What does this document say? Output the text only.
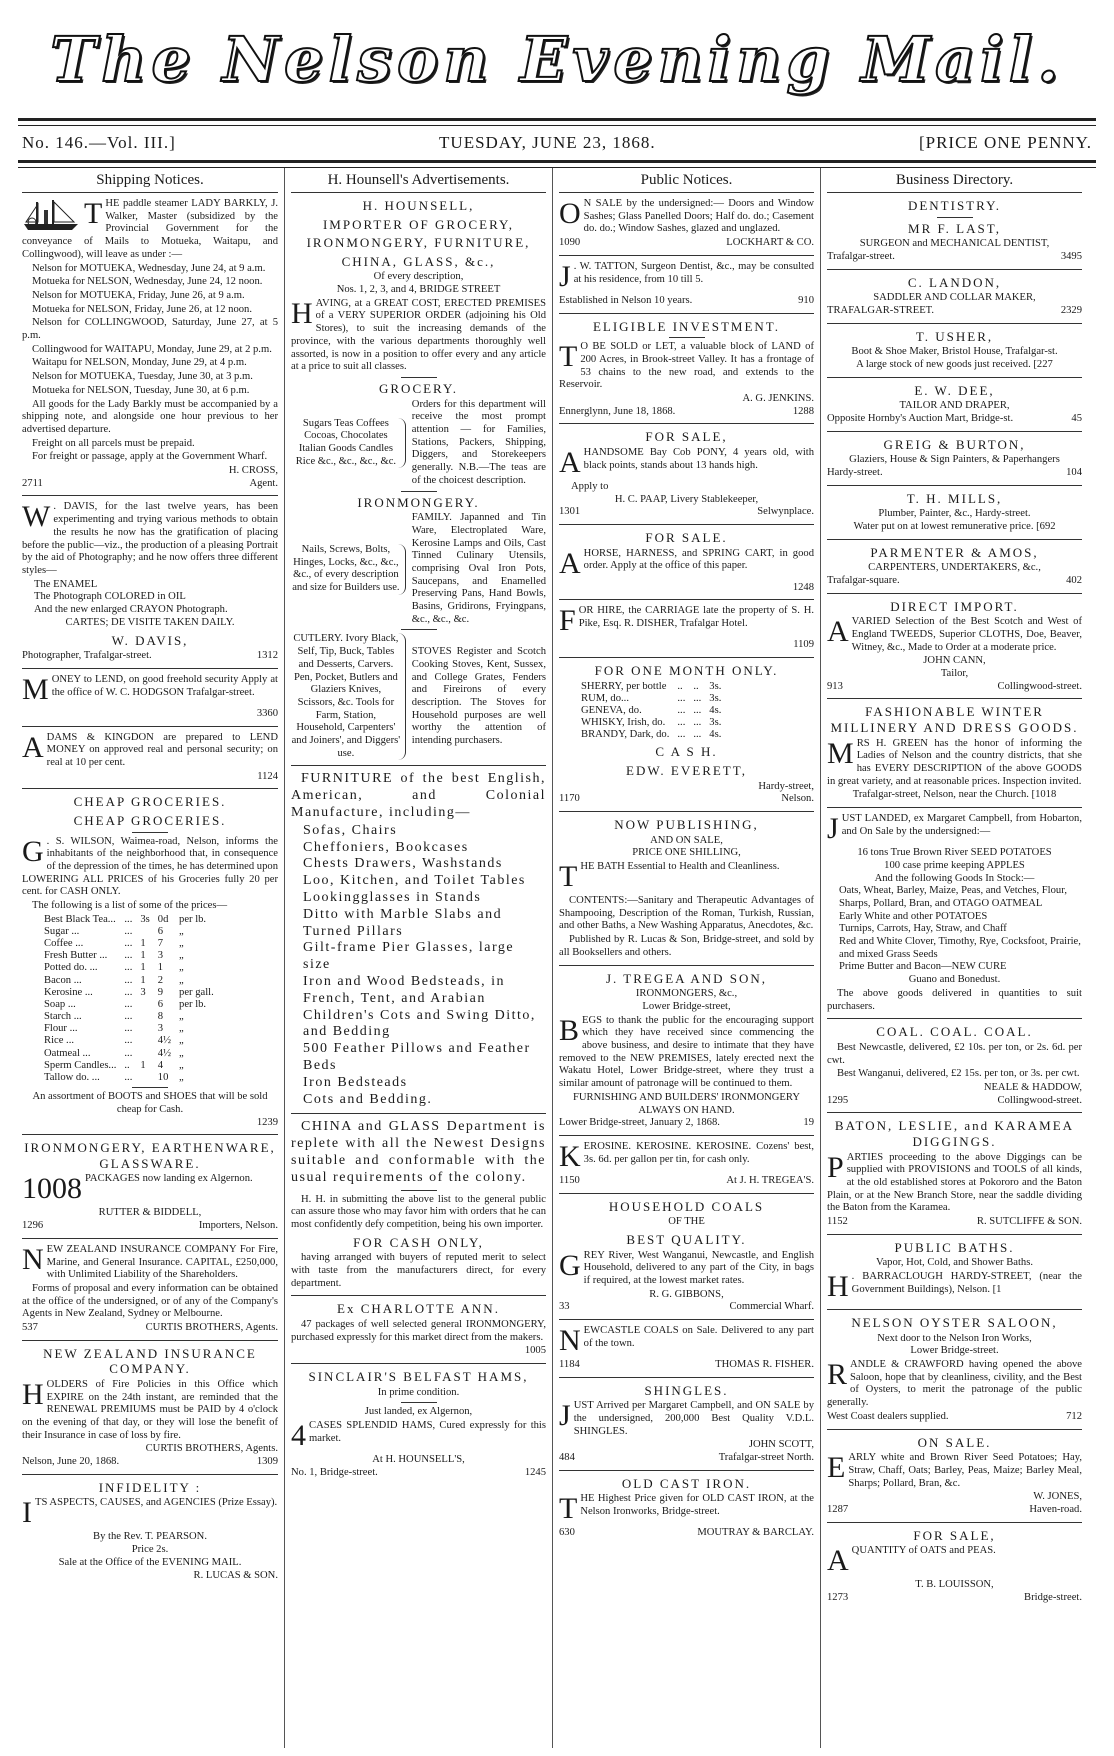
The Nelson Evening Mail.
No. 146.—Vol. III.]	TUESDAY, JUNE 23, 1868.	[PRICE ONE PENNY.
Shipping Notices.
THE paddle steamer LADY BARKLY, J. Walker, Master (subsidized by the Provincial Government for the conveyance of Mails to Motueka, Waitapu, and Collingwood), will leave as under :—
Nelson for MOTUEKA, Wednesday, June 24, at 9 a.m.
Motueka for NELSON, Wednesday, June 24, 12 noon.
Nelson for MOTUEKA, Friday, June 26, at 9 a.m.
Motueka for NELSON, Friday, June 26, at 12 noon.
Nelson for COLLINGWOOD, Saturday, June 27, at 5 p.m.
Collingwood for WAITAPU, Monday, June 29, at 2 p.m.
Waitapu for NELSON, Monday, June 29, at 4 p.m.
Nelson for MOTUEKA, Tuesday, June 30, at 3 p.m.
Motueka for NELSON, Tuesday, June 30, at 6 p.m.
All goods for the Lady Barkly must be accompanied by a shipping note, and alongside one hour previous to her advertised departure.
Freight on all parcels must be prepaid.
For freight or passage, apply at the Government Wharf.
H. CROSS,
2711	Agent.
W . DAVIS, for the last twelve years, has been experimenting and trying various methods to obtain the results he now has the gratification of placing before the public—viz., the production of a pleasing Portrait by the aid of Photography; and he now offers three different styles—
The ENAMEL
The Photograph COLORED in OIL
And the new enlarged CRAYON Photograph.
CARTES; DE VISITE TAKEN DAILY.
W. DAVIS,
Photographer, Trafalgar-street.	1312
MONEY to LEND, on good freehold security Apply at the office of W. C. HODGSON Trafalgar-street.
3360
ADAMS & KINGDON are prepared to LEND MONEY on approved real and personal security; on real at 10 per cent.
1124
CHEAP GROCERIES.
CHEAP GROCERIES.
G . S. WILSON, Waimea-road, Nelson, informs the inhabitants of the neighborhood that, in consequence of the depression of the times, he has determined upon LOWERING ALL PRICES of his Groceries fully 20 per cent. for CASH ONLY.
The following is a list of some of the prices—
Best Black Tea...	...	3s	0d	per lb.
Sugar ...	...		6	„
Coffee ...	...	1	7	„
Fresh Butter ...	...	1	3	„
Potted do. ...	...	1	1	„
Bacon ...	...	1	2	„
Kerosine ...	...	3	9	per gall.
Soap ...	...		6	per lb.
Starch ...	...		8	„
Flour ...	...		3	„
Rice ...	...		4½	„
Oatmeal ...	...		4½	„
Sperm Candles...	..	1	4	„
Tallow do. ...	...		10	„
An assortment of BOOTS and SHOES that will be sold cheap for Cash.
1239
IRONMONGERY, EARTHENWARE, GLASSWARE.
1008 PACKAGES now landing ex Algernon.
RUTTER & BIDDELL,
1296	Importers, Nelson.
NEW ZEALAND INSURANCE COMPANY For Fire, Marine, and General Insurance. CAPITAL, £250,000, with Unlimited Liability of the Shareholders.
Forms of proposal and every information can be obtained at the office of the undersigned, or of any of the Company's Agents in New Zealand, Sydney or Melbourne.
537	CURTIS BROTHERS, Agents.
NEW ZEALAND INSURANCE COMPANY.
HOLDERS of Fire Policies in this Office which EXPIRE on the 24th instant, are reminded that the RENEWAL PREMIUMS must be PAID by 4 o'clock on the evening of that day, or they will lose the benefit of their Insurance in case of loss by fire.
CURTIS BROTHERS, Agents.
Nelson, June 20, 1868.	1309
INFIDELITY :
ITS ASPECTS, CAUSES, and AGENCIES (Prize Essay).
By the Rev. T. PEARSON.
Price 2s.
Sale at the Office of the EVENING MAIL.
R. LUCAS & SON.
H. Hounsell's Advertisements.
H. HOUNSELL,
IMPORTER OF GROCERY,
IRONMONGERY, FURNITURE,
CHINA, GLASS, &c.,
Of every description,
Nos. 1, 2, 3, and 4, BRIDGE STREET
HAVING, at a GREAT COST, ERECTED PREMISES of a VERY SUPERIOR ORDER (adjoining his Old Stores), to suit the increasing demands of the province, with the various departments thoroughly well assorted, is now in a position to offer every and any article at a price to suit all classes.
GROCERY.
Sugars Teas Coffees Cocoas, Chocolates Italian Goods Candles Rice &c., &c., &c., &c.
Orders for this department will receive the most prompt attention — for Families, Stations, Packers, Shipping, Diggers, and Storekeepers generally. N.B.—The teas are of the choicest description.
IRONMONGERY.
Nails, Screws, Bolts, Hinges, Locks, &c., &c., &c., of every description and size for Builders use.
FAMILY. Japanned and Tin Ware, Electroplated Ware, Kerosine Lamps and Oils, Cast Tinned Culinary Utensils, comprising Oval Iron Pots, Saucepans, and Enamelled Preserving Pans, Hand Bowls, Basins, Gridirons, Fryingpans, &c., &c., &c.
CUTLERY. Ivory Black, Self, Tip, Buck, Tables and Desserts, Carvers. Pen, Pocket, Butlers and Glaziers Knives, Scissors, &c. Tools for Farm, Station, Household, Carpenters' and Joiners', and Diggers' use.
STOVES Register and Scotch Cooking Stoves, Kent, Sussex, and College Grates, Fenders and Fireirons of every description. The Stoves for Household purposes are well worthy the attention of intending purchasers.
FURNITURE of the best English, American, and Colonial Manufacture, including—
Sofas, Chairs
Cheffoniers, Bookcases
Chests Drawers, Washstands
Loo, Kitchen, and Toilet Tables
Lookingglasses in Stands
Ditto with Marble Slabs and Turned Pillars
Gilt-frame Pier Glasses, large size
Iron and Wood Bedsteads, in French, Tent, and Arabian
Children's Cots and Swing Ditto, and Bedding
500 Feather Pillows and Feather Beds
Iron Bedsteads
Cots and Bedding.
CHINA and GLASS Department is replete with all the Newest Designs suitable and conformable with the usual requirements of the colony.
H. H. in submitting the above list to the general public can assure those who may favor him with orders that he can most confidently defy competition, being his own importer.
FOR CASH ONLY,
having arranged with buyers of reputed merit to select with taste from the manufacturers direct, for every department.
Ex CHARLOTTE ANN.
47 packages of well selected general IRONMONGERY, purchased expressly for this market direct from the makers.
1005
SINCLAIR'S BELFAST HAMS,
In prime condition.
Just landed, ex Algernon,
4 CASES SPLENDID HAMS, Cured expressly for this market.
At H. HOUNSELL'S,
No. 1, Bridge-street.	1245
Public Notices.
O N SALE by the undersigned:— Doors and Window Sashes; Glass Panelled Doors; Half do. do.; Casement do. do.; Window Sashes, glazed and unglazed.
1090	LOCKHART & CO.
J . W. TATTON, Surgeon Dentist, &c., may be consulted at his residence, from 10 till 5.
Established in Nelson 10 years.	910
ELIGIBLE INVESTMENT.
T O BE SOLD or LET, a valuable block of LAND of 200 Acres, in Brook-street Valley. It has a frontage of 53 chains to the new road, and extends to the Reservoir.
A. G. JENKINS.
Ennerglynn, June 18, 1868.	1288
FOR SALE,
AHANDSOME Bay Cob PONY, 4 years old, with black points, stands about 13 hands high.
Apply to
H. C. PAAP, Livery Stablekeeper,
1301	Selwynplace.
FOR SALE.
AHORSE, HARNESS, and SPRING CART, in good order. Apply at the office of this paper.
1248
FOR HIRE, the CARRIAGE late the property of S. H. Pike, Esq. R. DISHER, Trafalgar Hotel.
1109
FOR ONE MONTH ONLY.
SHERRY, per bottle	..	..	3s.
RUM, do...	...	...	3s.
GENEVA, do.	...	...	4s.
WHISKY, Irish, do.	...	...	3s.
BRANDY, Dark, do.	...	...	4s.
C A S H.
EDW. EVERETT,
Hardy-street,
1170	Nelson.
NOW PUBLISHING,
AND ON SALE,
PRICE ONE SHILLING,
THE BATH Essential to Health and Cleanliness.
CONTENTS:—Sanitary and Therapeutic Advantages of Shampooing, Description of the Roman, Turkish, Russian, and other Baths, a New Washing Apparatus, Anecdotes, &c.
Published by R. Lucas & Son, Bridge-street, and sold by all Booksellers and others.
J. TREGEA AND SON,
IRONMONGERS, &c.,
Lower Bridge-street,
BEGS to thank the public for the encouraging support which they have received since commencing the above business, and desire to intimate that they have removed to the NEW PREMISES, lately erected next the Wakatu Hotel, Lower Bridge-street, where they trust a similar amount of patronage will be continued to them.
FURNISHING AND BUILDERS' IRONMONGERY ALWAYS ON HAND.
Lower Bridge-street, January 2, 1868.	19
KEROSINE. KEROSINE. KEROSINE. Cozens' best, 3s. 6d. per gallon per tin, for cash only.
1150	At J. H. TREGEA'S.
HOUSEHOLD COALS
OF THE
BEST QUALITY.
GREY River, West Wanganui, Newcastle, and English Household, delivered to any part of the City, in bags if required, at the lowest market rates.
R. G. GIBBONS,
33	Commercial Wharf.
NEWCASTLE COALS on Sale. Delivered to any part of the town.
1184	THOMAS R. FISHER.
SHINGLES.
JUST Arrived per Margaret Campbell, and ON SALE by the undersigned, 200,000 Best Quality V.D.L. SHINGLES.
JOHN SCOTT,
484	Trafalgar-street North.
OLD CAST IRON.
THE Highest Price given for OLD CAST IRON, at the Nelson Ironworks, Bridge-street.
630	MOUTRAY & BARCLAY.
Business Directory.
DENTISTRY.
MR F. LAST,
SURGEON and MECHANICAL DENTIST,
Trafalgar-street.	3495
C. LANDON,
SADDLER AND COLLAR MAKER,
TRAFALGAR-STREET.	2329
T. USHER,
Boot & Shoe Maker, Bristol House, Trafalgar-st.
A large stock of new goods just received. [227
E. W. DEE,
TAILOR AND DRAPER,
Opposite Hornby's Auction Mart, Bridge-st.	45
GREIG & BURTON,
Glaziers, House & Sign Painters, & Paperhangers
Hardy-street.	104
T. H. MILLS,
Plumber, Painter, &c., Hardy-street.
Water put on at lowest remunerative price. [692
PARMENTER & AMOS,
CARPENTERS, UNDERTAKERS, &c.,
Trafalgar-square.	402
DIRECT IMPORT.
AVARIED Selection of the Best Scotch and West of England TWEEDS, Superior CLOTHS, Doe, Beaver, Witney, &c., Made to Order at a moderate price.
JOHN CANN,
Tailor,
913	Collingwood-street.
FASHIONABLE WINTER MILLINERY AND DRESS GOODS.
MRS H. GREEN has the honor of informing the Ladies of Nelson and the country districts, that she has EVERY DESCRIPTION of the above GOODS in great variety, and at reasonable prices. Inspection invited.
Trafalgar-street, Nelson, near the Church. [1018
JUST LANDED, ex Margaret Campbell, from Hobarton, and On Sale by the undersigned:—
16 tons True Brown River SEED POTATOES
100 case prime keeping APPLES
And the following Goods In Stock:—
Oats, Wheat, Barley, Maize, Peas, and Vetches, Flour, Sharps, Pollard, Bran, and OTAGO OATMEAL
Early White and other POTATOES
Turnips, Carrots, Hay, Straw, and Chaff
Red and White Clover, Timothy, Rye, Cocksfoot, Prairie, and mixed Grass Seeds
Prime Butter and Bacon—NEW CURE
Guano and Bonedust.
The above goods delivered in quantities to suit purchasers.
COAL. COAL. COAL.
Best Newcastle, delivered, £2 10s. per ton, or 2s. 6d. per cwt.
Best Wanganui, delivered, £2 15s. per ton, or 3s. per cwt.
NEALE & HADDOW,
1295	Collingwood-street.
BATON, LESLIE, and KARAMEA DIGGINGS.
PARTIES proceeding to the above Diggings can be supplied with PROVISIONS and TOOLS of all kinds, at the old established stores at Pokororo and the Baton Plain, or at the New Branch Store, near the saddle dividing the Baton from the Karamea.
1152	R. SUTCLIFFE & SON.
PUBLIC BATHS.
Vapor, Hot, Cold, and Shower Baths.
H . BARRACLOUGH HARDY-STREET, (near the Government Buildings), Nelson. [1
NELSON OYSTER SALOON,
Next door to the Nelson Iron Works,
Lower Bridge-street.
RANDLE & CRAWFORD having opened the above Saloon, hope that by cleanliness, civility, and the Best of Oysters, to merit the patronage of the public generally.
West Coast dealers supplied.	712
ON SALE.
EARLY white and Brown River Seed Potatoes; Hay, Straw, Chaff, Oats; Barley, Peas, Maize; Barley Meal, Sharps; Pollard, Bran, &c.
W. JONES,
1287	Haven-road.
FOR SALE,
AQUANTITY of OATS and PEAS.
T. B. LOUISSON,
1273	Bridge-street.
